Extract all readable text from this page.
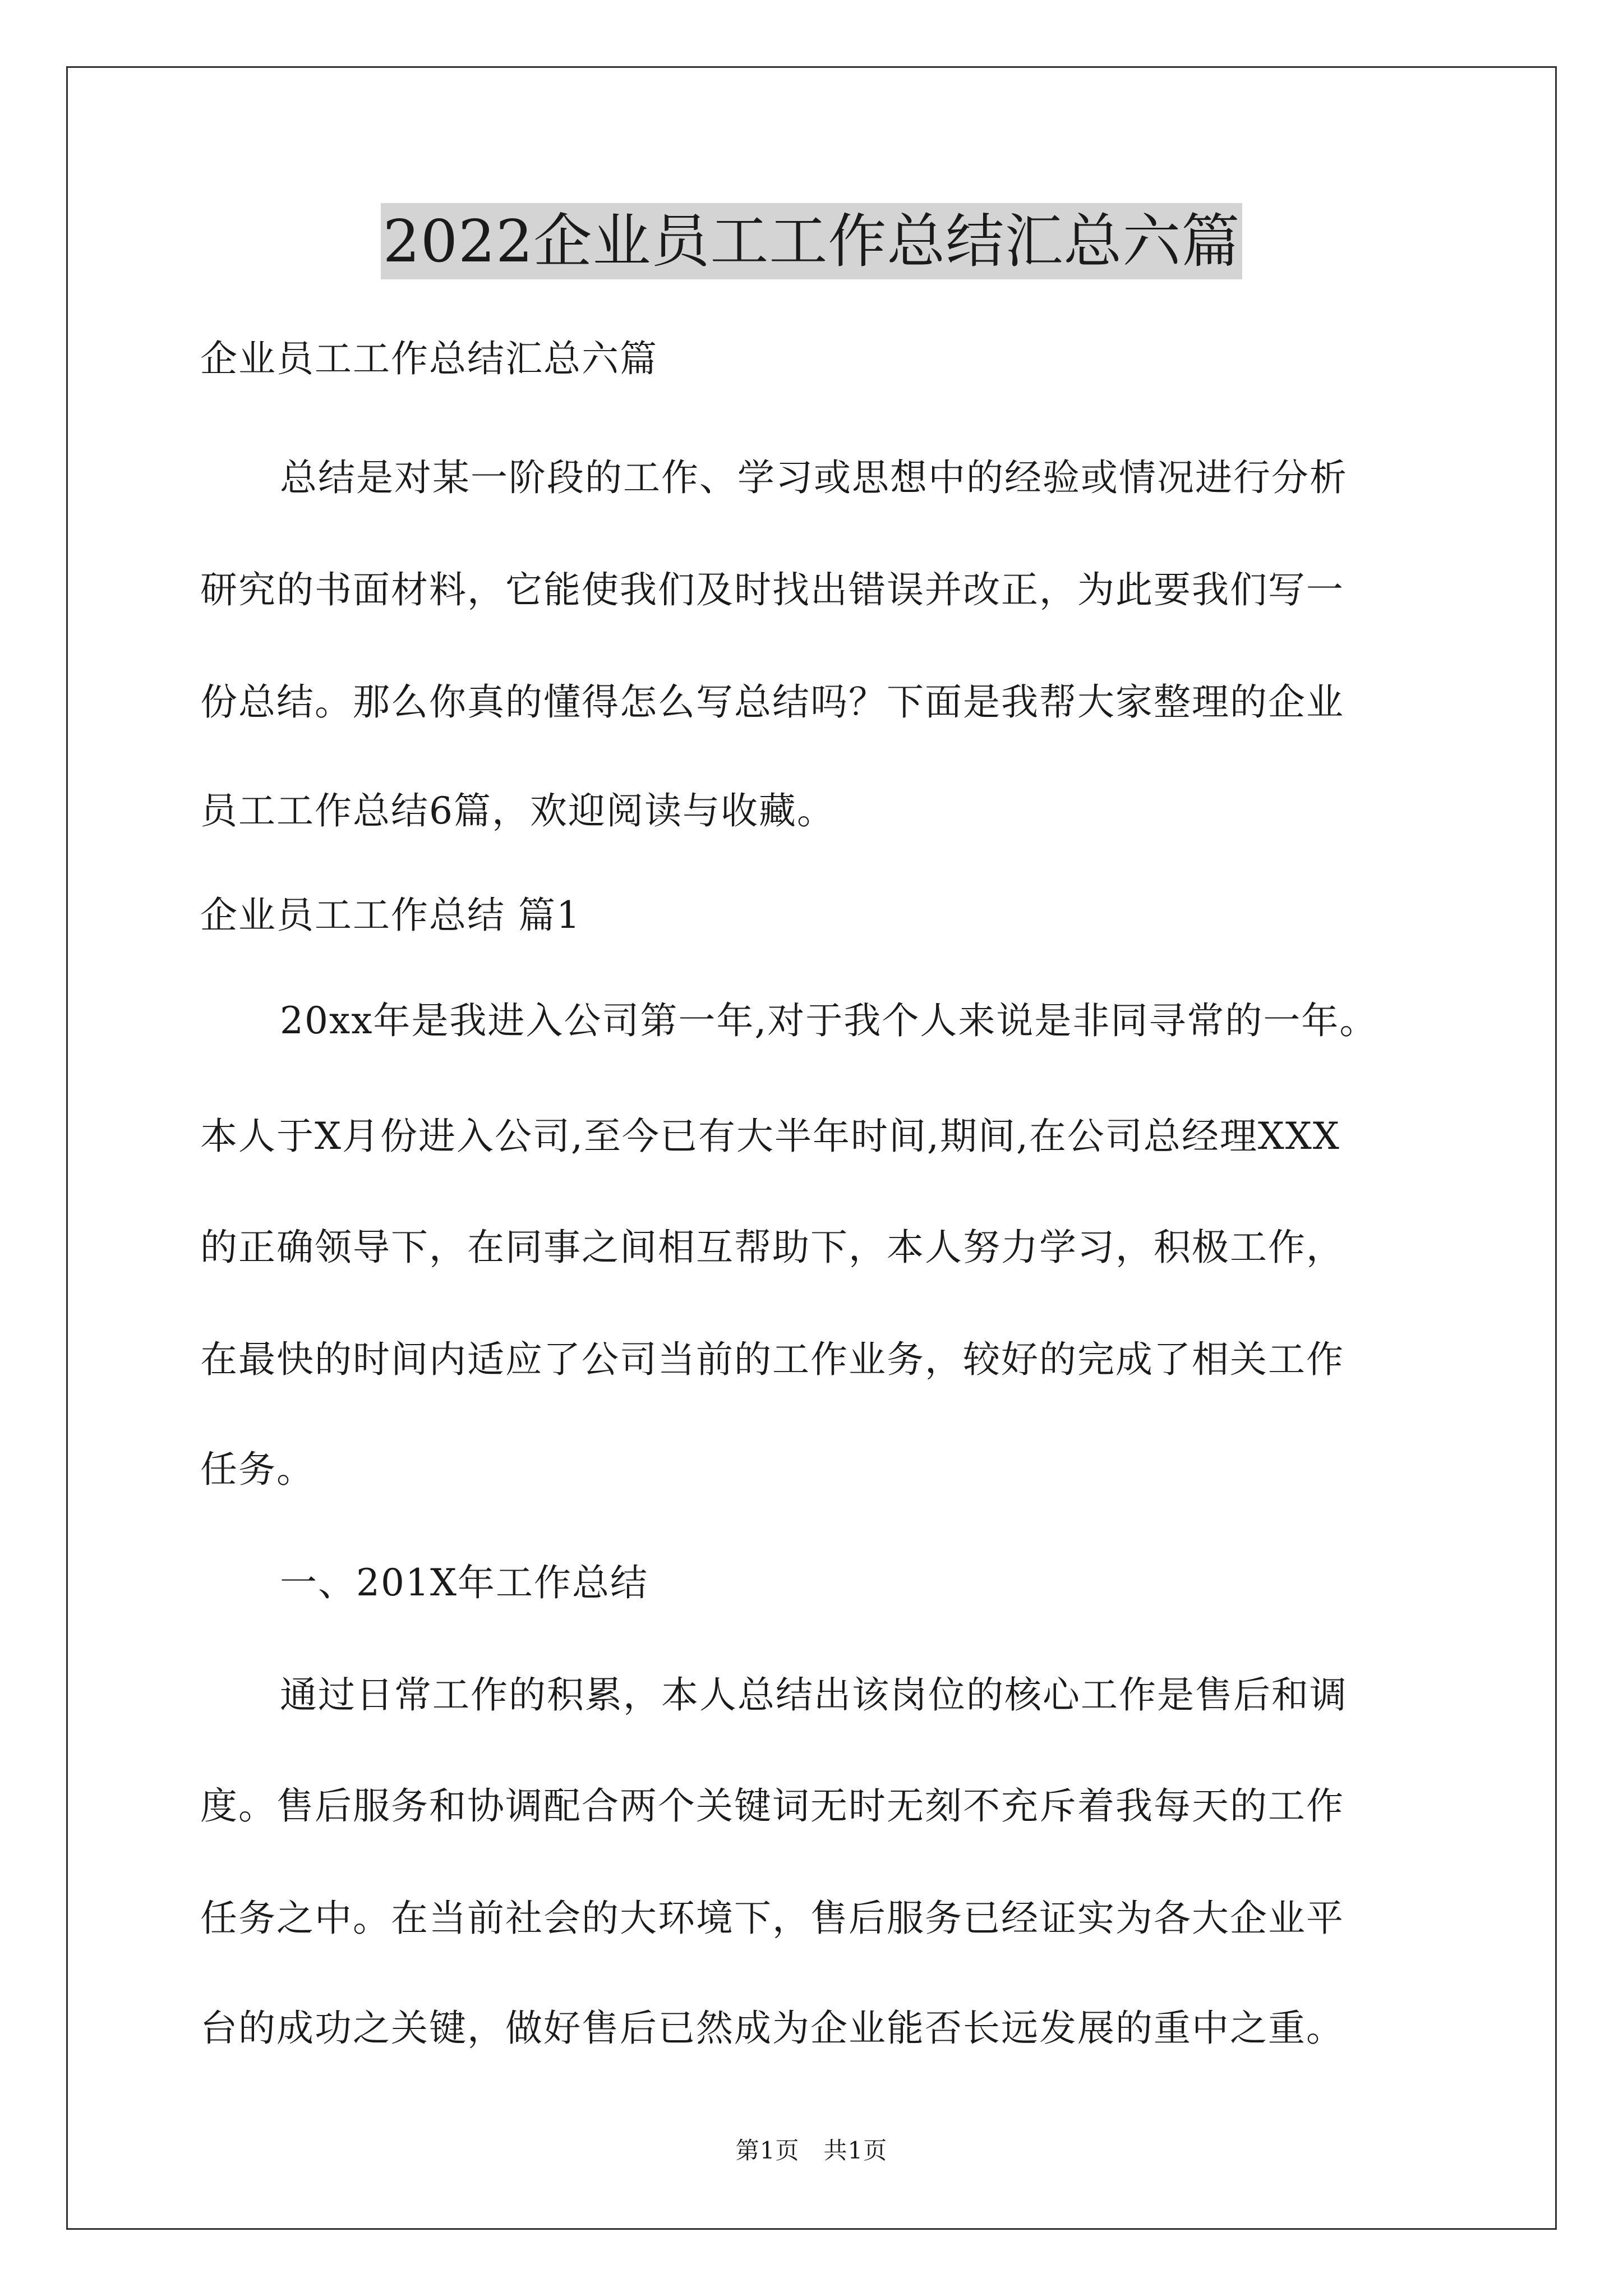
2022企业员工工作总结汇总六篇
企业员工工作总结汇总六篇
总结是对某一阶段的工作、学习或思想中的经验或情况进行分析
研究的书面材料，它能使我们及时找出错误并改正，为此要我们写一
份总结。那么你真的懂得怎么写总结吗？下面是我帮大家整理的企业
员工工作总结6篇，欢迎阅读与收藏。
企业员工工作总结 篇1
20xx年是我进入公司第一年,对于我个人来说是非同寻常的一年。
本人于X月份进入公司,至今已有大半年时间,期间,在公司总经理XXX
的正确领导下，在同事之间相互帮助下，本人努力学习，积极工作，
在最快的时间内适应了公司当前的工作业务，较好的完成了相关工作
任务。
一、201X年工作总结
通过日常工作的积累，本人总结出该岗位的核心工作是售后和调
度。售后服务和协调配合两个关键词无时无刻不充斥着我每天的工作
任务之中。在当前社会的大环境下，售后服务已经证实为各大企业平
台的成功之关键，做好售后已然成为企业能否长远发展的重中之重。
第1页　共1页
